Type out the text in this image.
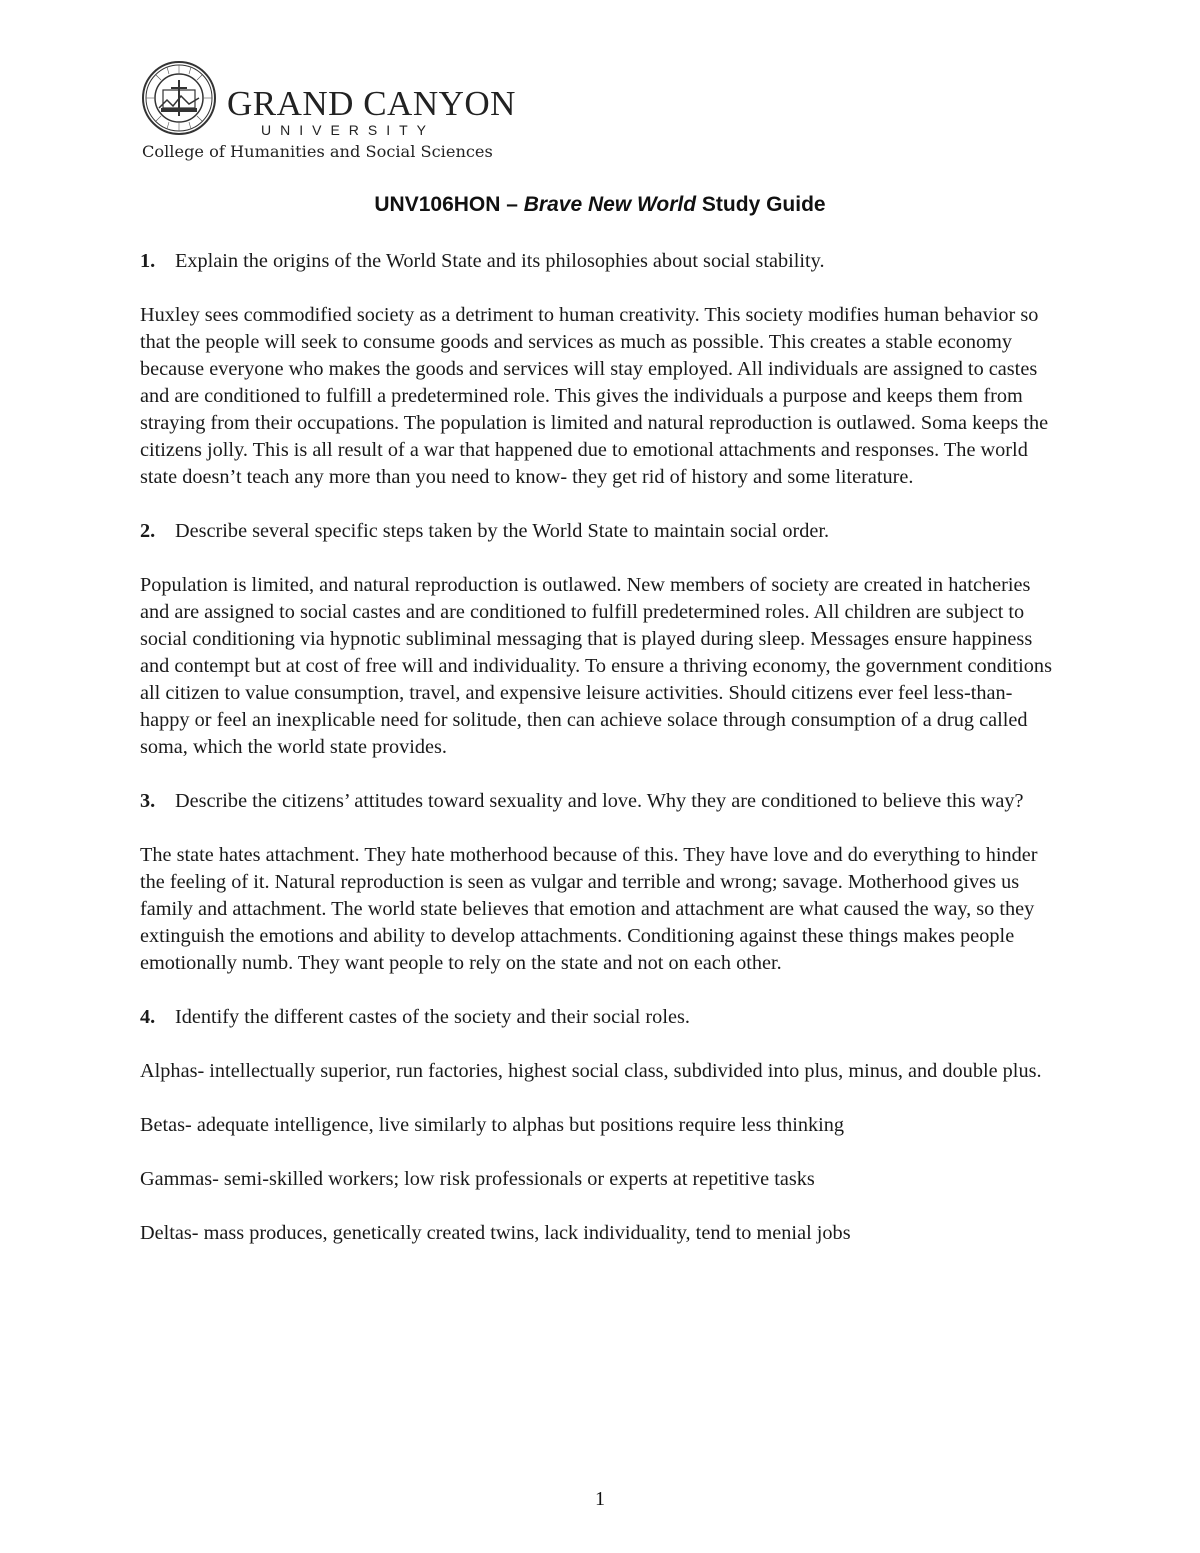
GRAND CANYON
UNIVERSITY
College of Humanities and Social Sciences
UNV106HON – Brave New World Study Guide
1. Explain the origins of the World State and its philosophies about social stability.
Huxley sees commodified society as a detriment to human creativity. This society modifies human behavior so that the people will seek to consume goods and services as much as possible. This creates a stable economy because everyone who makes the goods and services will stay employed. All individuals are assigned to castes and are conditioned to fulfill a predetermined role. This gives the individuals a purpose and keeps them from straying from their occupations. The population is limited and natural reproduction is outlawed. Soma keeps the citizens jolly. This is all result of a war that happened due to emotional attachments and responses. The world state doesn’t teach any more than you need to know- they get rid of history and some literature.
2. Describe several specific steps taken by the World State to maintain social order.
Population is limited, and natural reproduction is outlawed. New members of society are created in hatcheries and are assigned to social castes and are conditioned to fulfill predetermined roles. All children are subject to social conditioning via hypnotic subliminal messaging that is played during sleep. Messages ensure happiness and contempt but at cost of free will and individuality. To ensure a thriving economy, the government conditions all citizen to value consumption, travel, and expensive leisure activities. Should citizens ever feel less-than-happy or feel an inexplicable need for solitude, then can achieve solace through consumption of a drug called soma, which the world state provides.
3. Describe the citizens’ attitudes toward sexuality and love. Why they are conditioned to believe this way?
The state hates attachment. They hate motherhood because of this. They have love and do everything to hinder the feeling of it. Natural reproduction is seen as vulgar and terrible and wrong; savage. Motherhood gives us family and attachment. The world state believes that emotion and attachment are what caused the way, so they extinguish the emotions and ability to develop attachments. Conditioning against these things makes people emotionally numb. They want people to rely on the state and not on each other.
4. Identify the different castes of the society and their social roles.
Alphas- intellectually superior, run factories, highest social class, subdivided into plus, minus, and double plus.
Betas- adequate intelligence, live similarly to alphas but positions require less thinking
Gammas- semi-skilled workers; low risk professionals or experts at repetitive tasks
Deltas- mass produces, genetically created twins, lack individuality, tend to menial jobs
1
